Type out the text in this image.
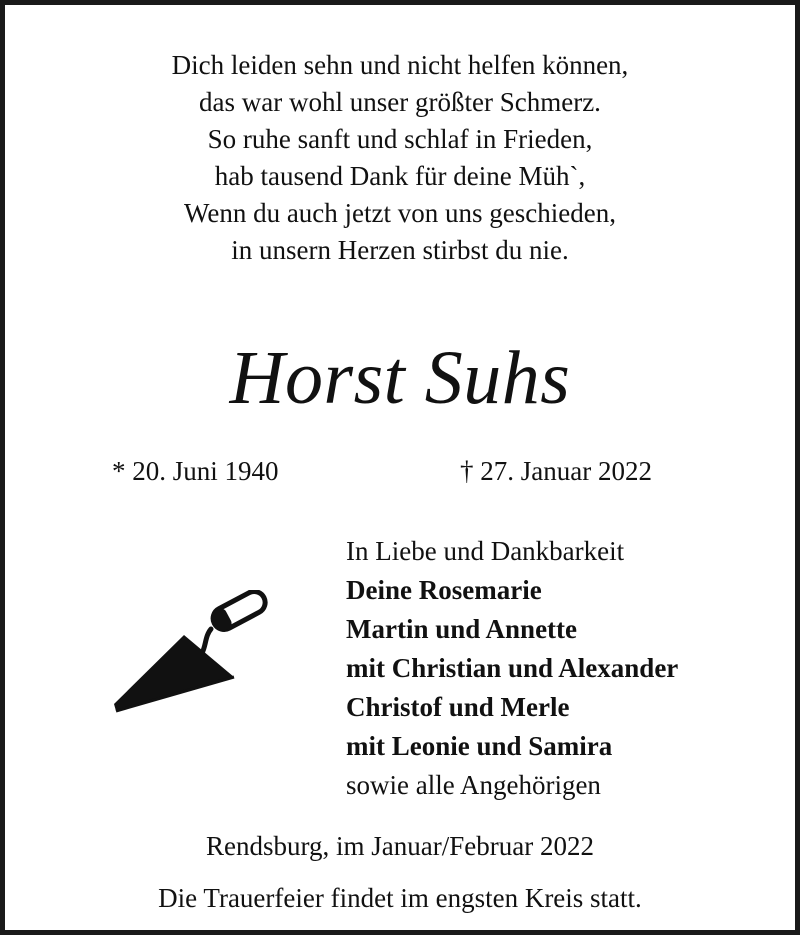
Dich leiden sehn und nicht helfen können,
das war wohl unser größter Schmerz.
So ruhe sanft und schlaf in Frieden,
hab tausend Dank für deine Müh`,
Wenn du auch jetzt von uns geschieden,
in unsern Herzen stirbst du nie.
Horst Suhs
* 20. Juni 1940	† 27. Januar 2022
In Liebe und Dankbarkeit
Deine Rosemarie
Martin und Annette
mit Christian und Alexander
Christof und Merle
mit Leonie und Samira
sowie alle Angehörigen
Rendsburg, im Januar/Februar 2022
Die Trauerfeier findet im engsten Kreis statt.
